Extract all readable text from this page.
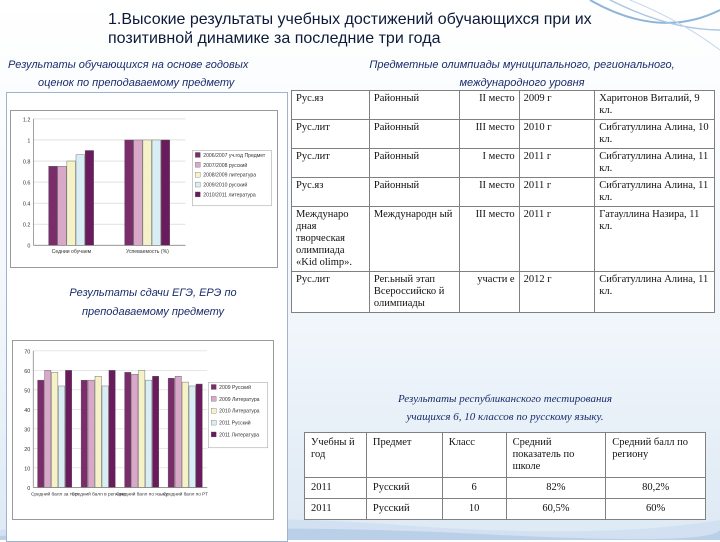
1.Высокие результаты учебных достижений обучающихся при их позитивной динамике за последние три года
Результаты обучающихся на основе годовых
оценок по преподаваемому предмету
Предметные олимпиады муниципального, регионального,
международного уровня
0
0.2
0.4
0.6
0.8
1
1.2
Седнии обучаем	Успеваемость (%)
2006/2007 уч.год Предмет
2007/2008 русский
2008/2009 литература
2009/2010 русский
2010/2011 литература
Результаты сдачи ЕГЭ, ЕРЭ по
преподаваемому предмету
0
10
20
30
40
50
60
70
Средний балл за тест
Средний балл в регионе
Средний балл по языку
Средний балл по РТ
2009 Русский
2009 Литература
2010 Литература
2011 Русский
2011 Литература
Рус.яз	Районный	II место	2009 г	Харитонов Виталий, 9 кл.
Рус.лит	Районный	III место	2010 г	Сибгатуллина Алина, 10 кл.
Рус.лит	Районный	I место	2011 г	Сибгатуллина Алина, 11 кл.
Рус.яз	Районный	II место	2011 г	Сибгатуллина Алина, 11 кл.
Междунаро дная творческая олимпиада «Kid olimp».	Международн ый	III место	2011 г	Гатауллина Назира, 11 кл.
Рус.лит	Рег.ьный этап Всероссийско й олимпиады	участи е	2012 г	Сибгатуллина Алина, 11 кл.
Результаты республиканского тестирования
учащихся 6, 10 классов по русскому языку.
Учебны й год	Предмет	Класс	Средний показатель по школе	Средний балл по региону
2011	Русский	6	82%	80,2%
2011	Русский	10	60,5%	60%
